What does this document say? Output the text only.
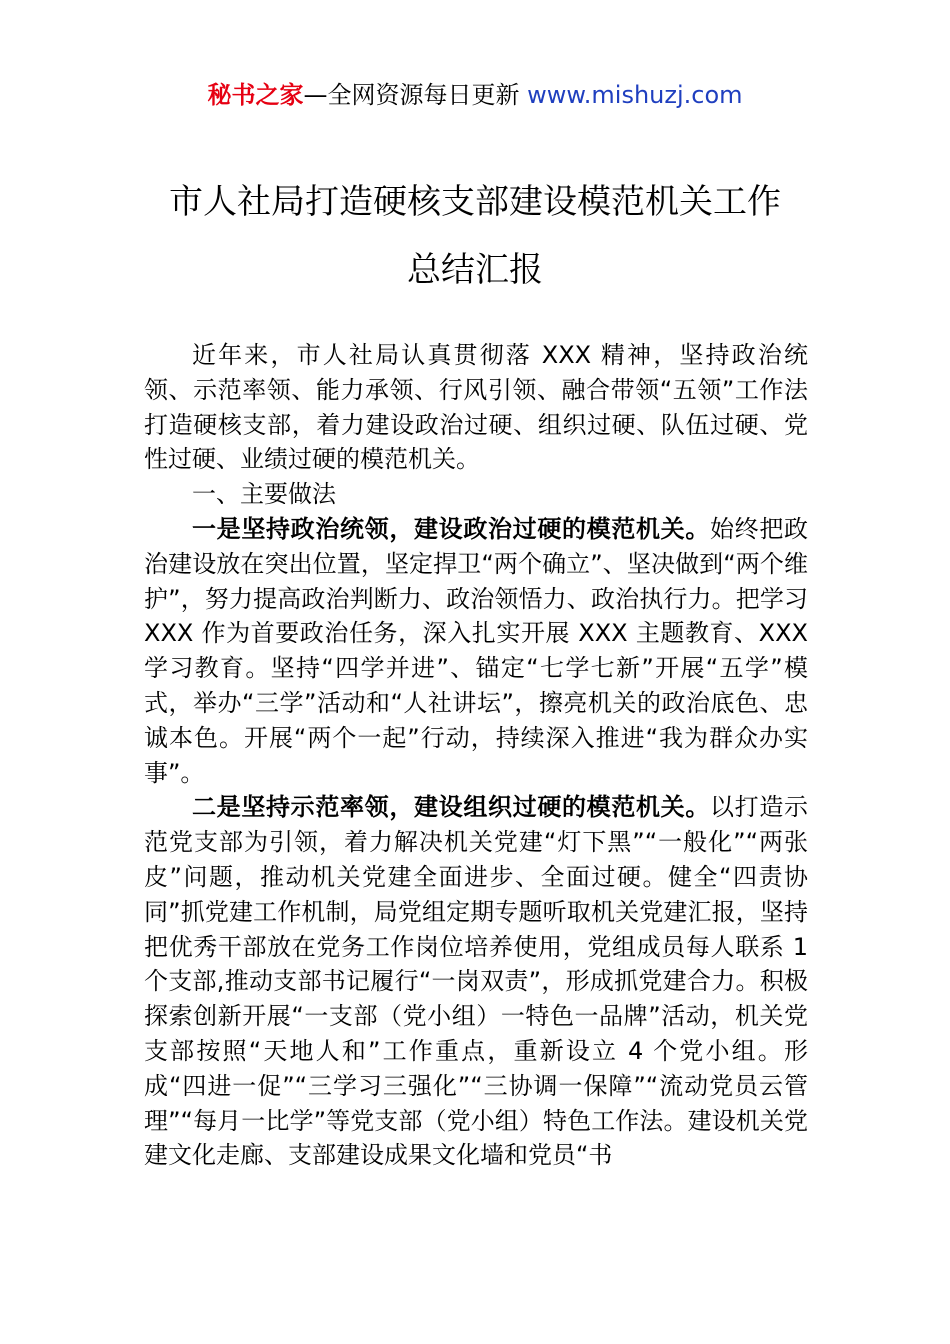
秘书之家—全网资源每日更新 www.mishuzj.com
市人社局打造硬核支部建设模范机关工作
总结汇报

近年来，市人社局认真贯彻落 XXX 精神，坚持政治统领、示范率领、能力承领、行风引领、融合带领“五领”工作法打造硬核支部，着力建设政治过硬、组织过硬、队伍过硬、党性过硬、业绩过硬的模范机关。

一、主要做法

一是坚持政治统领，建设政治过硬的模范机关。始终把政治建设放在突出位置，坚定捍卫“两个确立”、坚决做到“两个维护”，努力提高政治判断力、政治领悟力、政治执行力。把学习 XXX 作为首要政治任务，深入扎实开展 XXX 主题教育、XXX 学习教育。坚持“四学并进”、锚定“七学七新”开展“五学”模式，举办“三学”活动和“人社讲坛”，擦亮机关的政治底色、忠诚本色。开展“两个一起”行动，持续深入推进“我为群众办实事”。

二是坚持示范率领，建设组织过硬的模范机关。以打造示范党支部为引领，着力解决机关党建“灯下黑”“一般化”“两张皮”问题，推动机关党建全面进步、全面过硬。健全“四责协同”抓党建工作机制，局党组定期专题听取机关党建汇报，坚持把优秀干部放在党务工作岗位培养使用，党组成员每人联系 1 个支部,推动支部书记履行“一岗双责”，形成抓党建合力。积极探索创新开展“一支部（党小组）一特色一品牌”活动，机关党支部按照“天地人和”工作重点，重新设立 4 个党小组。形成“四进一促”“三学习三强化”“三协调一保障”“流动党员云管理”“每月一比学”等党支部（党小组）特色工作法。建设机关党建文化走廊、支部建设成果文化墙和党员“书
